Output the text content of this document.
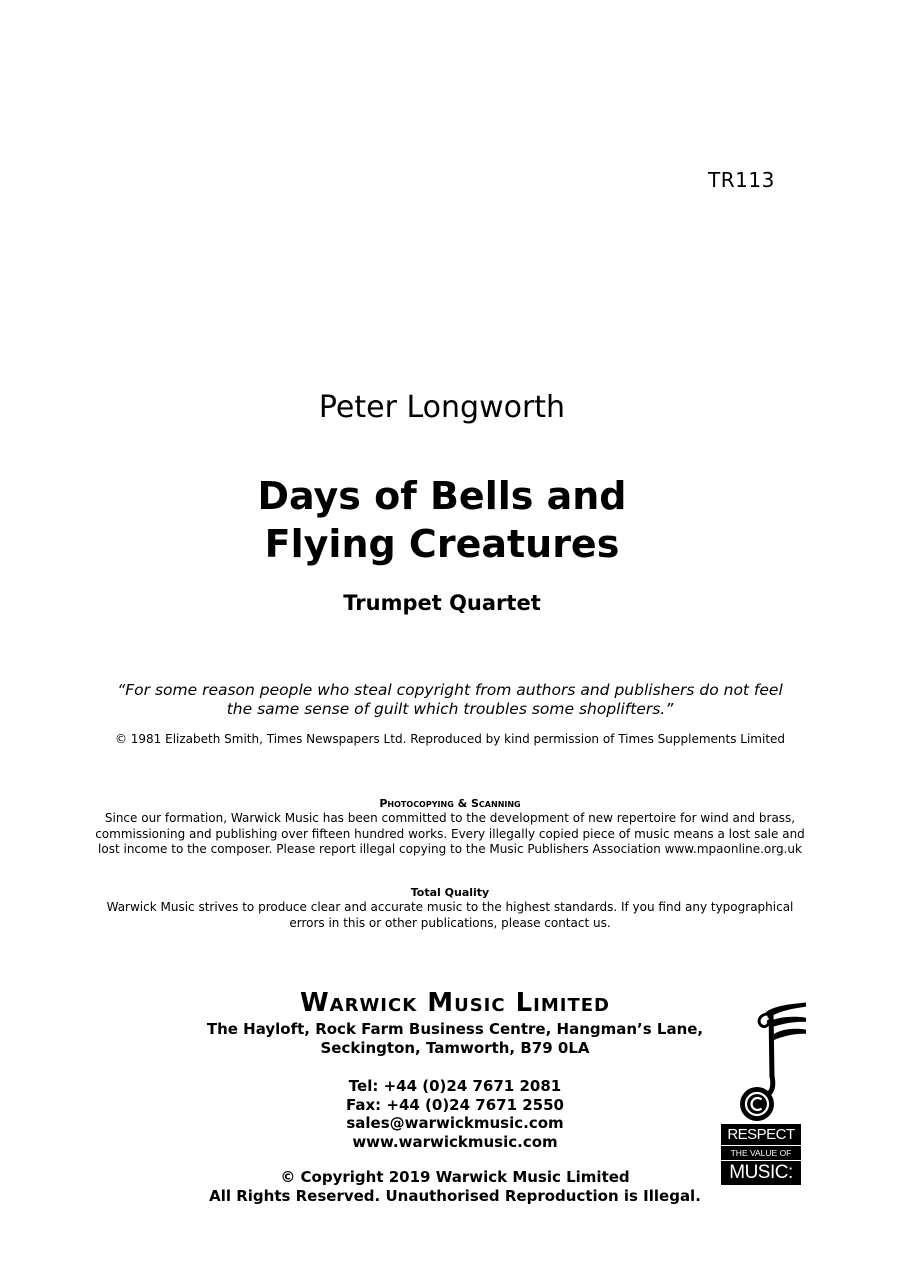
TR113
Peter Longworth
Days of Bells and
Flying Creatures
Trumpet Quartet
“For some reason people who steal copyright from authors and publishers do not feel
the same sense of guilt which troubles some shoplifters.”
© 1981 Elizabeth Smith, Times Newspapers Ltd. Reproduced by kind permission of Times Supplements Limited
Photocopying & Scanning
Since our formation, Warwick Music has been committed to the development of new repertoire for wind and brass,
commissioning and publishing over fifteen hundred works. Every illegally copied piece of music means a lost sale and
lost income to the composer. Please report illegal copying to the Music Publishers Association www.mpaonline.org.uk
Total Quality
Warwick Music strives to produce clear and accurate music to the highest standards. If you find any typographical
errors in this or other publications, please contact us.
Warwick Music Limited
The Hayloft, Rock Farm Business Centre, Hangman’s Lane,
Seckington, Tamworth, B79 0LA
Tel: +44 (0)24 7671 2081
Fax: +44 (0)24 7671 2550
sales@warwickmusic.com
www.warwickmusic.com
© Copyright 2019 Warwick Music Limited
All Rights Reserved. Unauthorised Reproduction is Illegal.
RESPECT
THE VALUE OF
MUSIC:
